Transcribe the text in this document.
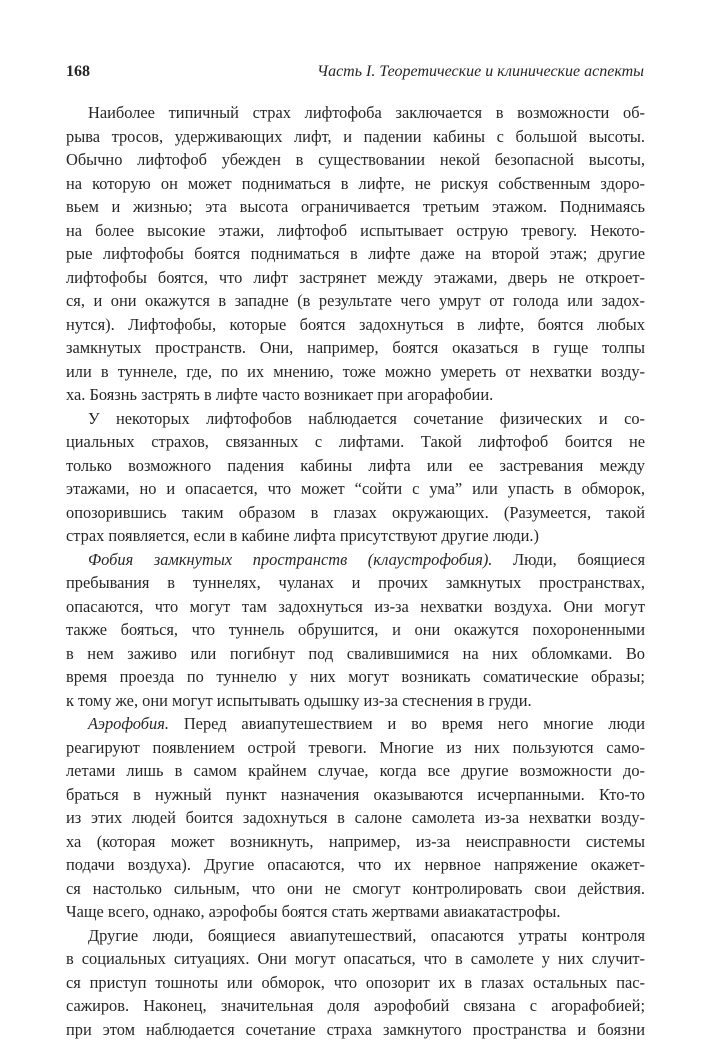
168	Часть I. Теоретические и клинические аспекты
Наиболее типичный страх лифтофоба заключается в возможности об-
рыва тросов, удерживающих лифт, и падении кабины с большой высоты.
Обычно лифтофоб убежден в существовании некой безопасной высоты,
на которую он может подниматься в лифте, не рискуя собственным здоро-
вьем и жизнью; эта высота ограничивается третьим этажом. Поднимаясь
на более высокие этажи, лифтофоб испытывает острую тревогу. Некото-
рые лифтофобы боятся подниматься в лифте даже на второй этаж; другие
лифтофобы боятся, что лифт застрянет между этажами, дверь не откроет-
ся, и они окажутся в западне (в результате чего умрут от голода или задох-
нутся). Лифтофобы, которые боятся задохнуться в лифте, боятся любых
замкнутых пространств. Они, например, боятся оказаться в гуще толпы
или в туннеле, где, по их мнению, тоже можно умереть от нехватки возду-
ха. Боязнь застрять в лифте часто возникает при агорафобии.
У некоторых лифтофобов наблюдается сочетание физических и со-
циальных страхов, связанных с лифтами. Такой лифтофоб боится не
только возможного падения кабины лифта или ее застревания между
этажами, но и опасается, что может “сойти с ума” или упасть в обморок,
опозорившись таким образом в глазах окружающих. (Разумеется, такой
страх появляется, если в кабине лифта присутствуют другие люди.)
Фобия замкнутых пространств (клаустрофобия). Люди, боящиеся
пребывания в туннелях, чуланах и прочих замкнутых пространствах,
опасаются, что могут там задохнуться из-за нехватки воздуха. Они могут
также бояться, что туннель обрушится, и они окажутся похороненными
в нем заживо или погибнут под свалившимися на них обломками. Во
время проезда по туннелю у них могут возникать соматические образы;
к тому же, они могут испытывать одышку из-за стеснения в груди.
Аэрофобия. Перед авиапутешествием и во время него многие люди
реагируют появлением острой тревоги. Многие из них пользуются само-
летами лишь в самом крайнем случае, когда все другие возможности до-
браться в нужный пункт назначения оказываются исчерпанными. Кто-то
из этих людей боится задохнуться в салоне самолета из-за нехватки возду-
ха (которая может возникнуть, например, из-за неисправности системы
подачи воздуха). Другие опасаются, что их нервное напряжение окажет-
ся настолько сильным, что они не смогут контролировать свои действия.
Чаще всего, однако, аэрофобы боятся стать жертвами авиакатастрофы.
Другие люди, боящиеся авиапутешествий, опасаются утраты контроля
в социальных ситуациях. Они могут опасаться, что в самолете у них случит-
ся приступ тошноты или обморок, что опозорит их в глазах остальных пас-
сажиров. Наконец, значительная доля аэрофобий связана с агорафобией;
при этом наблюдается сочетание страха замкнутого пространства и боязни
